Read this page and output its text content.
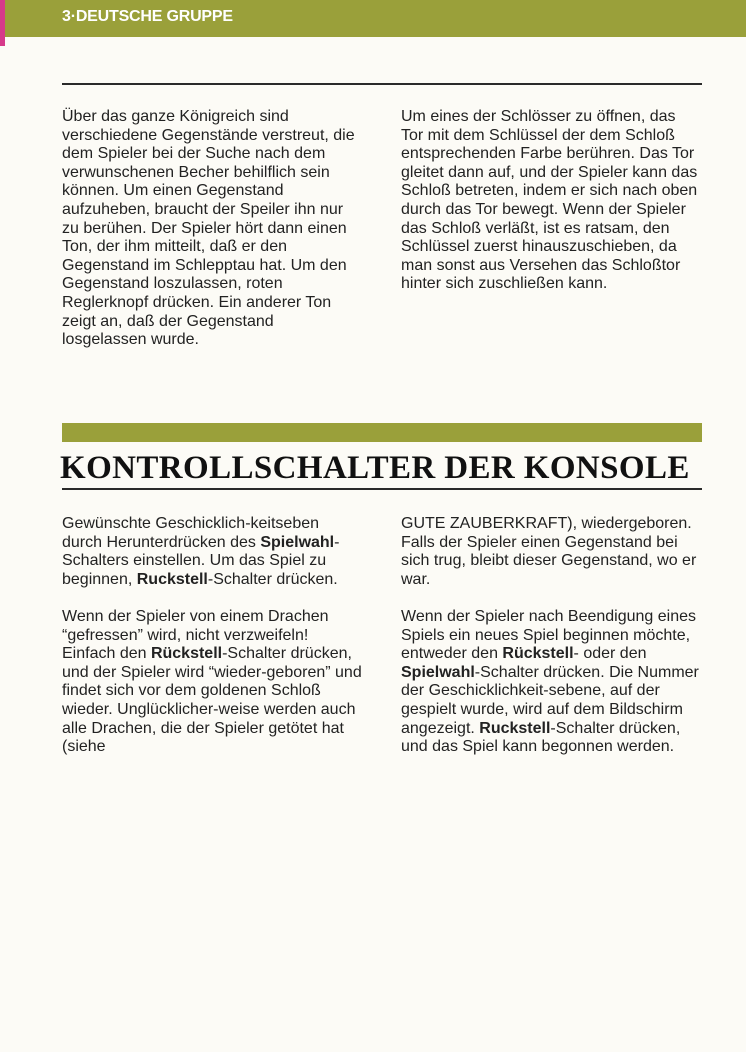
3·DEUTSCHE GRUPPE

Über das ganze Königreich sind verschiedene Gegenstände verstreut, die dem Spieler bei der Suche nach dem verwunschenen Becher behilflich sein können. Um einen Gegenstand aufzuheben, braucht der Speiler ihn nur zu berühen. Der Spieler hört dann einen Ton, der ihm mitteilt, daß er den Gegenstand im Schlepptau hat. Um den Gegenstand loszulassen, roten Reglerknopf drücken. Ein anderer Ton zeigt an, daß der Gegenstand losgelassen wurde.

Um eines der Schlösser zu öffnen, das Tor mit dem Schlüssel der dem Schloß entsprechenden Farbe berühren. Das Tor gleitet dann auf, und der Spieler kann das Schloß betreten, indem er sich nach oben durch das Tor bewegt. Wenn der Spieler das Schloß verläßt, ist es ratsam, den Schlüssel zuerst hinauszuschieben, da man sonst aus Versehen das Schloßtor hinter sich zuschließen kann.

KONTROLLSCHALTER DER KONSOLE

Gewünschte Geschicklich-keitseben durch Herunterdrücken des Spielwahl-Schalters einstellen. Um das Spiel zu beginnen, Ruckstell-Schalter drücken.

Wenn der Spieler von einem Drachen “gefressen” wird, nicht verzweifeln! Einfach den Rückstell-Schalter drücken, und der Spieler wird “wieder-geboren” und findet sich vor dem goldenen Schloß wieder. Unglücklicher-weise werden auch alle Drachen, die der Spieler getötet hat (siehe

GUTE ZAUBERKRAFT), wiedergeboren. Falls der Spieler einen Gegenstand bei sich trug, bleibt dieser Gegenstand, wo er war.

Wenn der Spieler nach Beendigung eines Spiels ein neues Spiel beginnen möchte, entweder den Rückstell- oder den Spielwahl-Schalter drücken. Die Nummer der Geschicklichkeit-sebene, auf der gespielt wurde, wird auf dem Bildschirm angezeigt. Ruckstell-Schalter drücken, und das Spiel kann begonnen werden.
